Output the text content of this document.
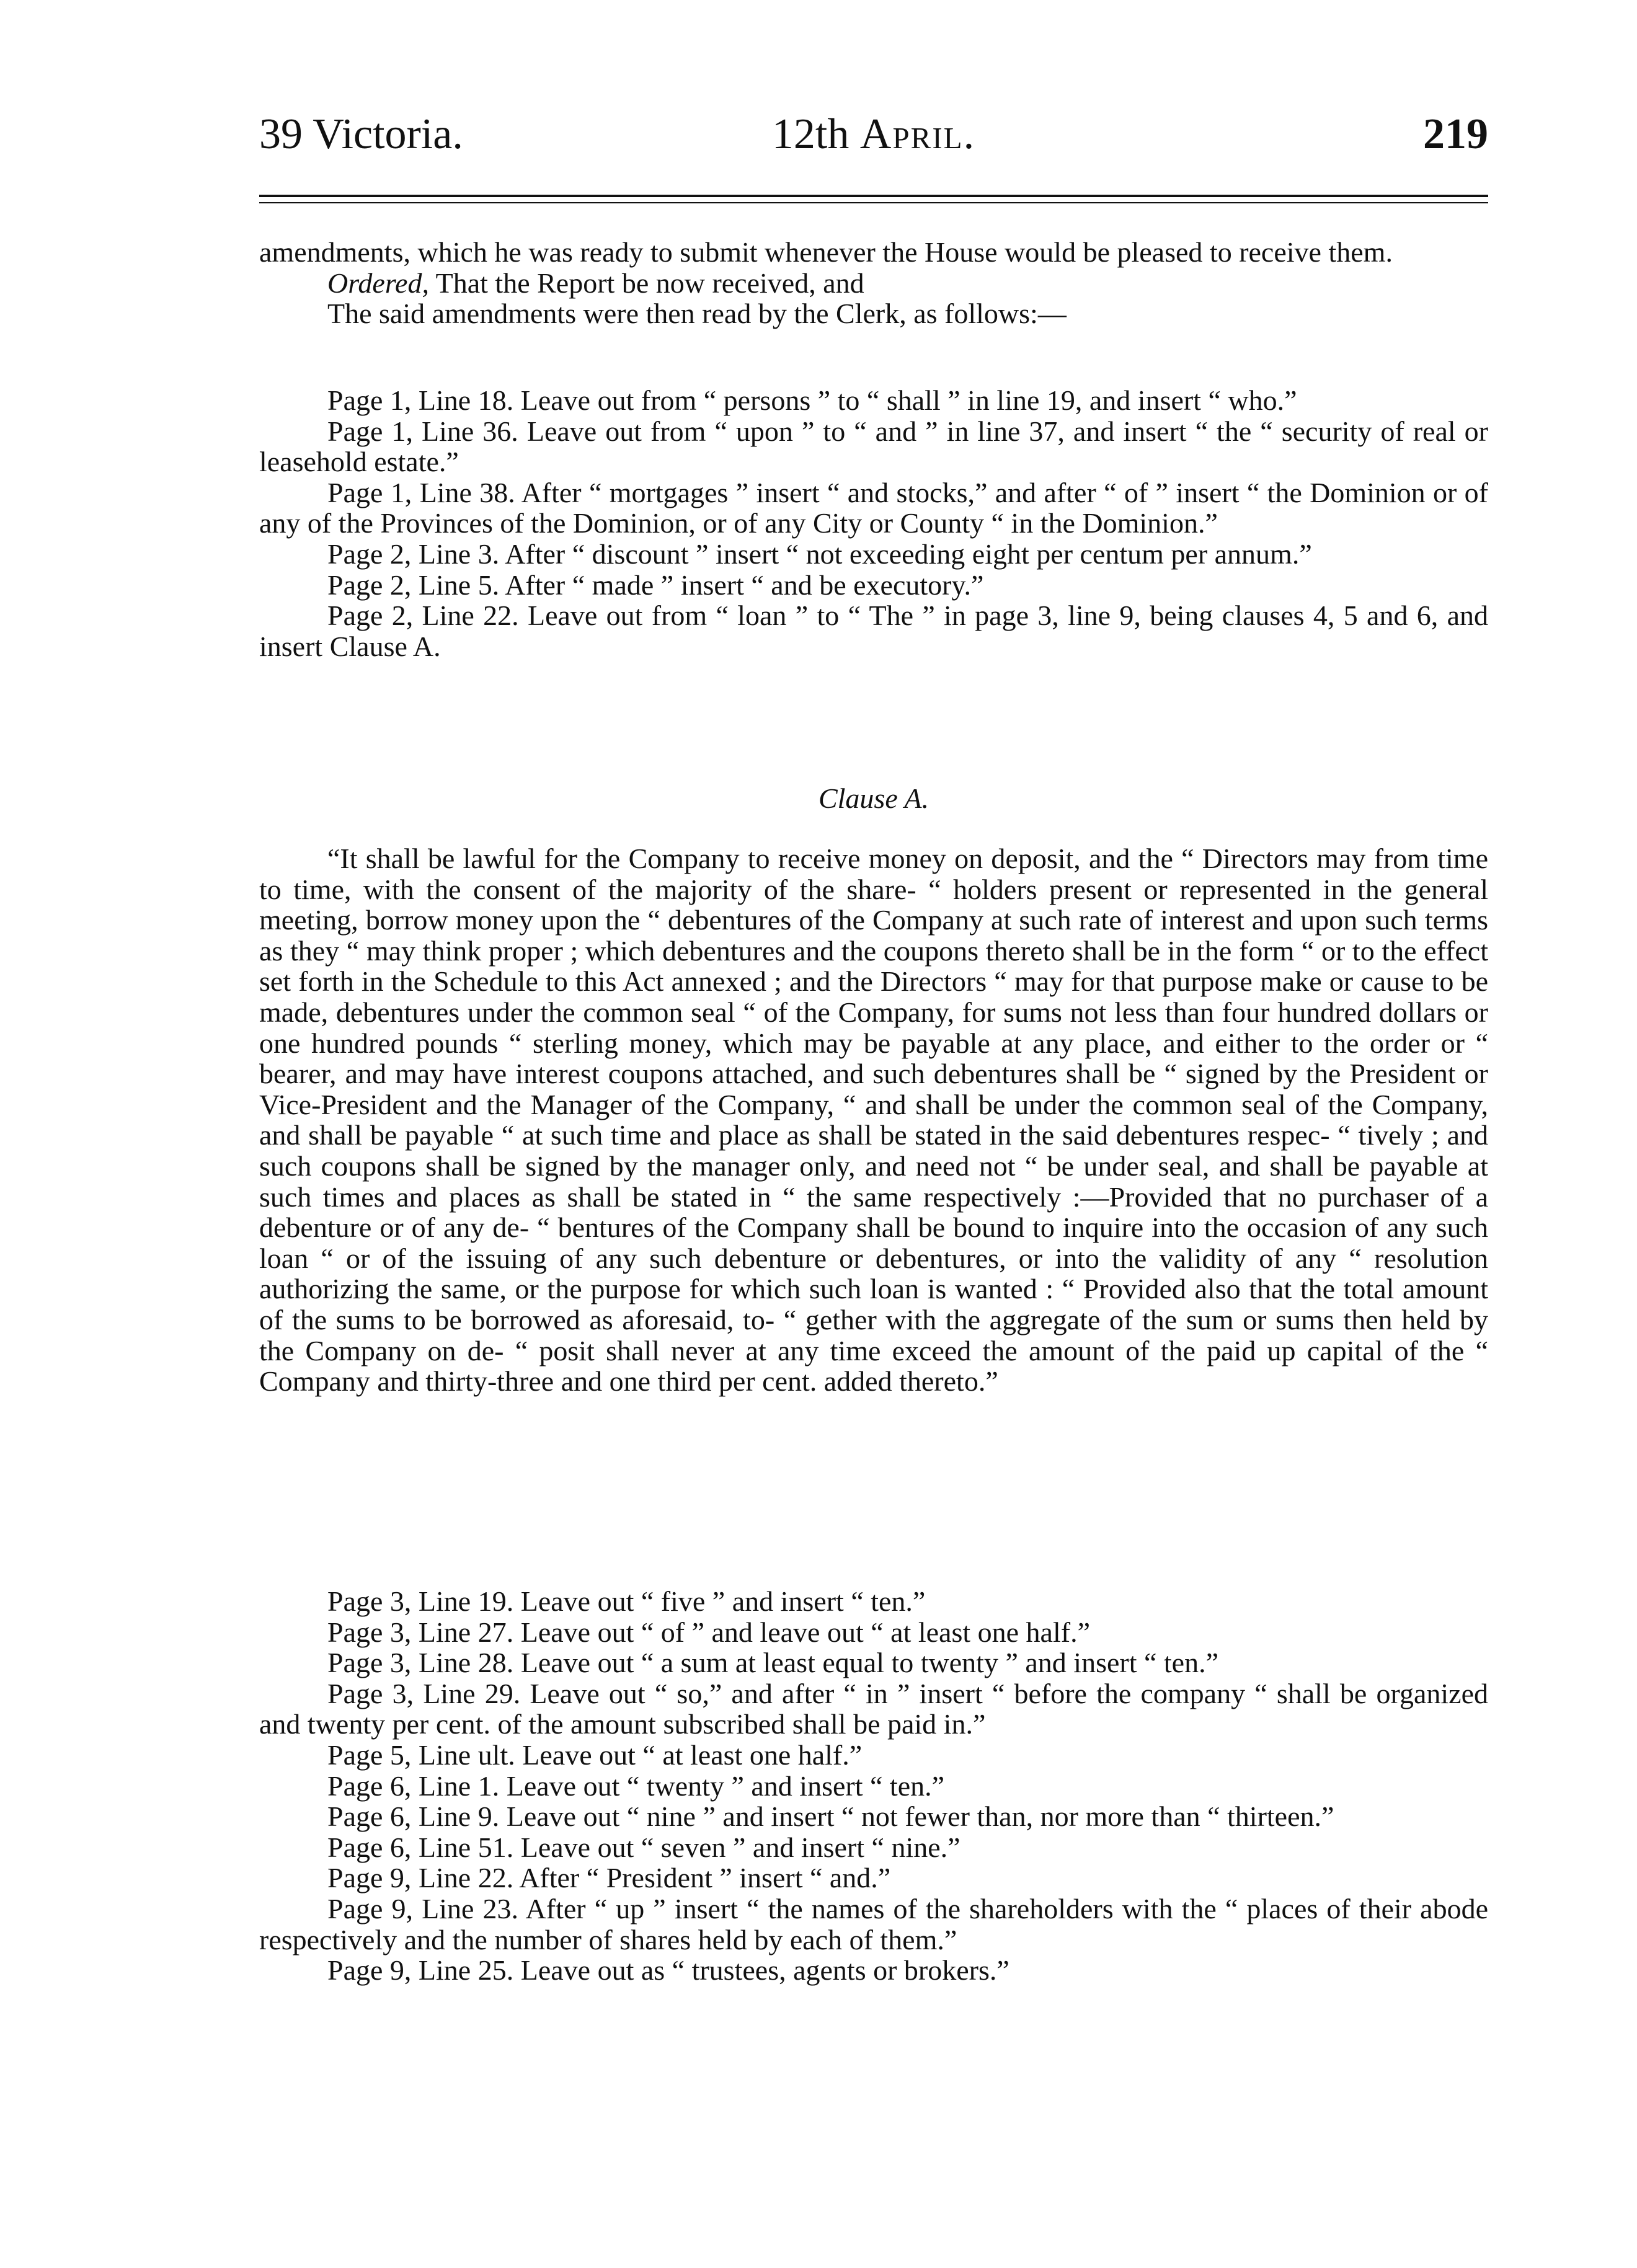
39 Victoria.	12th April.	219

amendments, which he was ready to submit whenever the House would be pleased to receive them.

Ordered, That the Report be now received, and

The said amendments were then read by the Clerk, as follows:—

Page 1, Line 18. Leave out from “ persons ” to “ shall ” in line 19, and insert “ who.”

Page 1, Line 36. Leave out from “ upon ” to “ and ” in line 37, and insert “ the “ security of real or leasehold estate.”

Page 1, Line 38. After “ mortgages ” insert “ and stocks,” and after “ of ” insert “ the Dominion or of any of the Provinces of the Dominion, or of any City or County “ in the Dominion.”

Page 2, Line 3. After “ discount ” insert “ not exceeding eight per centum per annum.”

Page 2, Line 5. After “ made ” insert “ and be executory.”

Page 2, Line 22. Leave out from “ loan ” to “ The ” in page 3, line 9, being clauses 4, 5 and 6, and insert Clause A.

Clause A.

“It shall be lawful for the Company to receive money on deposit, and the “ Directors may from time to time, with the consent of the majority of the share- “ holders present or represented in the general meeting, borrow money upon the “ debentures of the Company at such rate of interest and upon such terms as they “ may think proper ; which debentures and the coupons thereto shall be in the form “ or to the effect set forth in the Schedule to this Act annexed ; and the Directors “ may for that purpose make or cause to be made, debentures under the common seal “ of the Company, for sums not less than four hundred dollars or one hundred pounds “ sterling money, which may be payable at any place, and either to the order or “ bearer, and may have interest coupons attached, and such debentures shall be “ signed by the President or Vice-President and the Manager of the Company, “ and shall be under the common seal of the Company, and shall be payable “ at such time and place as shall be stated in the said debentures respec- “ tively ; and such coupons shall be signed by the manager only, and need not “ be under seal, and shall be payable at such times and places as shall be stated in “ the same respectively :—Provided that no purchaser of a debenture or of any de- “ bentures of the Company shall be bound to inquire into the occasion of any such loan “ or of the issuing of any such debenture or debentures, or into the validity of any “ resolution authorizing the same, or the purpose for which such loan is wanted : “ Provided also that the total amount of the sums to be borrowed as aforesaid, to- “ gether with the aggregate of the sum or sums then held by the Company on de- “ posit shall never at any time exceed the amount of the paid up capital of the “ Company and thirty-three and one third per cent. added thereto.”

Page 3, Line 19. Leave out “ five ” and insert “ ten.”

Page 3, Line 27. Leave out “ of ” and leave out “ at least one half.”

Page 3, Line 28. Leave out “ a sum at least equal to twenty ” and insert “ ten.”

Page 3, Line 29. Leave out “ so,” and after “ in ” insert “ before the company “ shall be organized and twenty per cent. of the amount subscribed shall be paid in.”

Page 5, Line ult. Leave out “ at least one half.”

Page 6, Line 1. Leave out “ twenty ” and insert “ ten.”

Page 6, Line 9. Leave out “ nine ” and insert “ not fewer than, nor more than “ thirteen.”

Page 6, Line 51. Leave out “ seven ” and insert “ nine.”

Page 9, Line 22. After “ President ” insert “ and.”

Page 9, Line 23. After “ up ” insert “ the names of the shareholders with the “ places of their abode respectively and the number of shares held by each of them.”

Page 9, Line 25. Leave out as “ trustees, agents or brokers.”
